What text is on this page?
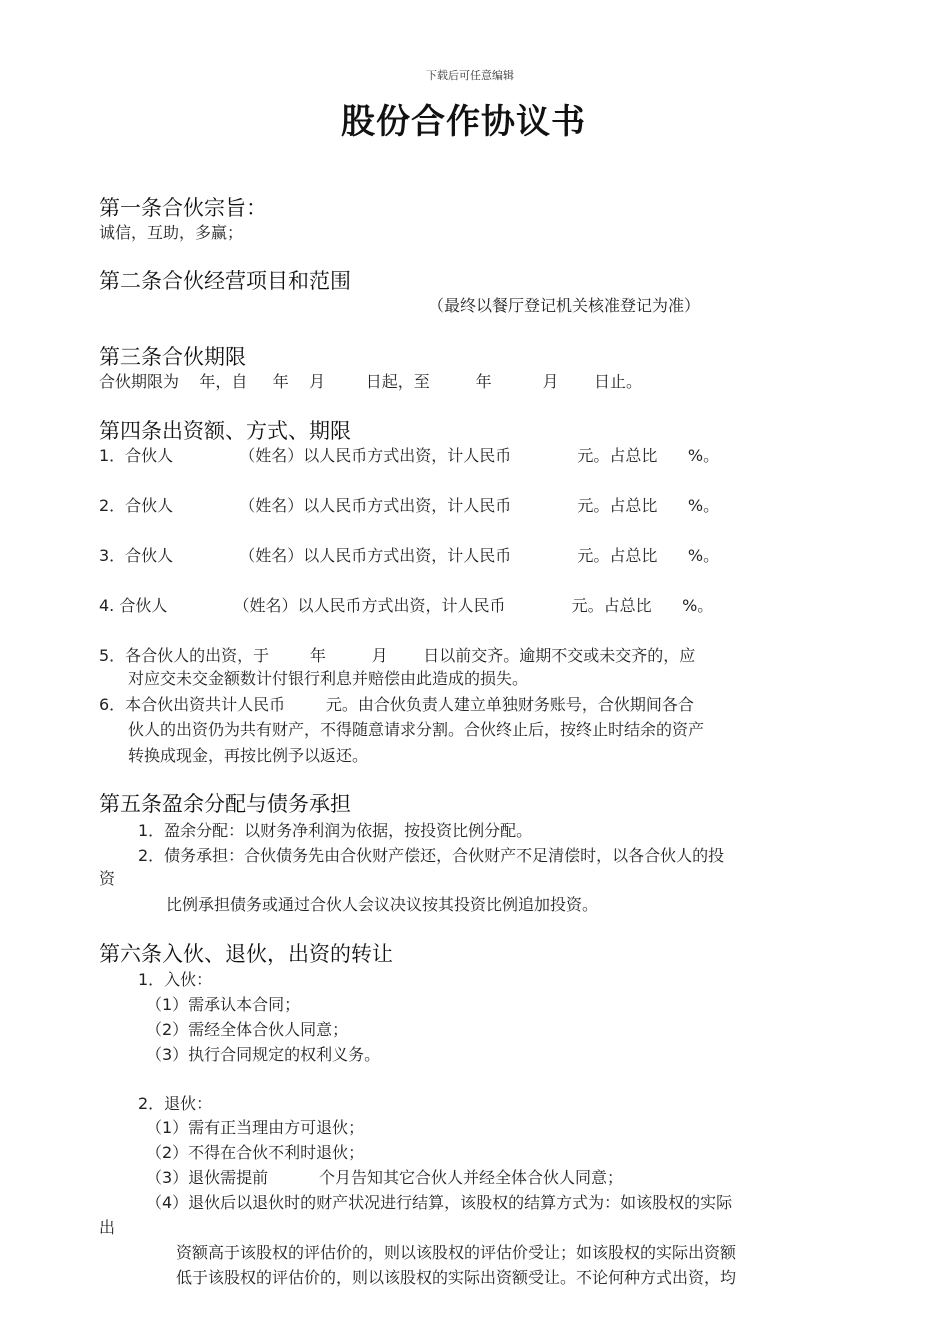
下载后可任意编辑
股份合作协议书
第一条合伙宗旨：
诚信，互助，多赢；
第二条合伙经营项目和范围
（最终以餐厅登记机关核准登记为准）
第三条合伙期限
合伙期限为    年，自     年    月        日起，至         年          月       日止。
第四条出资额、方式、期限
1．合伙人             （姓名）以人民币方式出资，计人民币             元。占总比      %。
2．合伙人             （姓名）以人民币方式出资，计人民币             元。占总比      %。
3．合伙人             （姓名）以人民币方式出资，计人民币             元。占总比      %。
4. 合伙人             （姓名）以人民币方式出资，计人民币             元。占总比      %。
5．各合伙人的出资，于        年         月       日以前交齐。逾期不交或未交齐的，应
对应交未交金额数计付银行利息并赔偿由此造成的损失。
6．本合伙出资共计人民币        元。由合伙负责人建立单独财务账号，合伙期间各合
伙人的出资仍为共有财产，不得随意请求分割。合伙终止后，按终止时结余的资产
转换成现金，再按比例予以返还。
第五条盈余分配与债务承担
1．盈余分配：以财务净利润为依据，按投资比例分配。
2．债务承担：合伙债务先由合伙财产偿还，合伙财产不足清偿时，以各合伙人的投
资
比例承担债务或通过合伙人会议决议按其投资比例追加投资。
第六条入伙、退伙，出资的转让
1．入伙：
（1）需承认本合同；
（2）需经全体合伙人同意；
（3）执行合同规定的权利义务。
2．退伙：
（1）需有正当理由方可退伙；
（2）不得在合伙不利时退伙；
（3）退伙需提前          个月告知其它合伙人并经全体合伙人同意；
（4）退伙后以退伙时的财产状况进行结算，该股权的结算方式为：如该股权的实际
出
资额高于该股权的评估价的，则以该股权的评估价受让；如该股权的实际出资额
低于该股权的评估价的，则以该股权的实际出资额受让。不论何种方式出资，均
